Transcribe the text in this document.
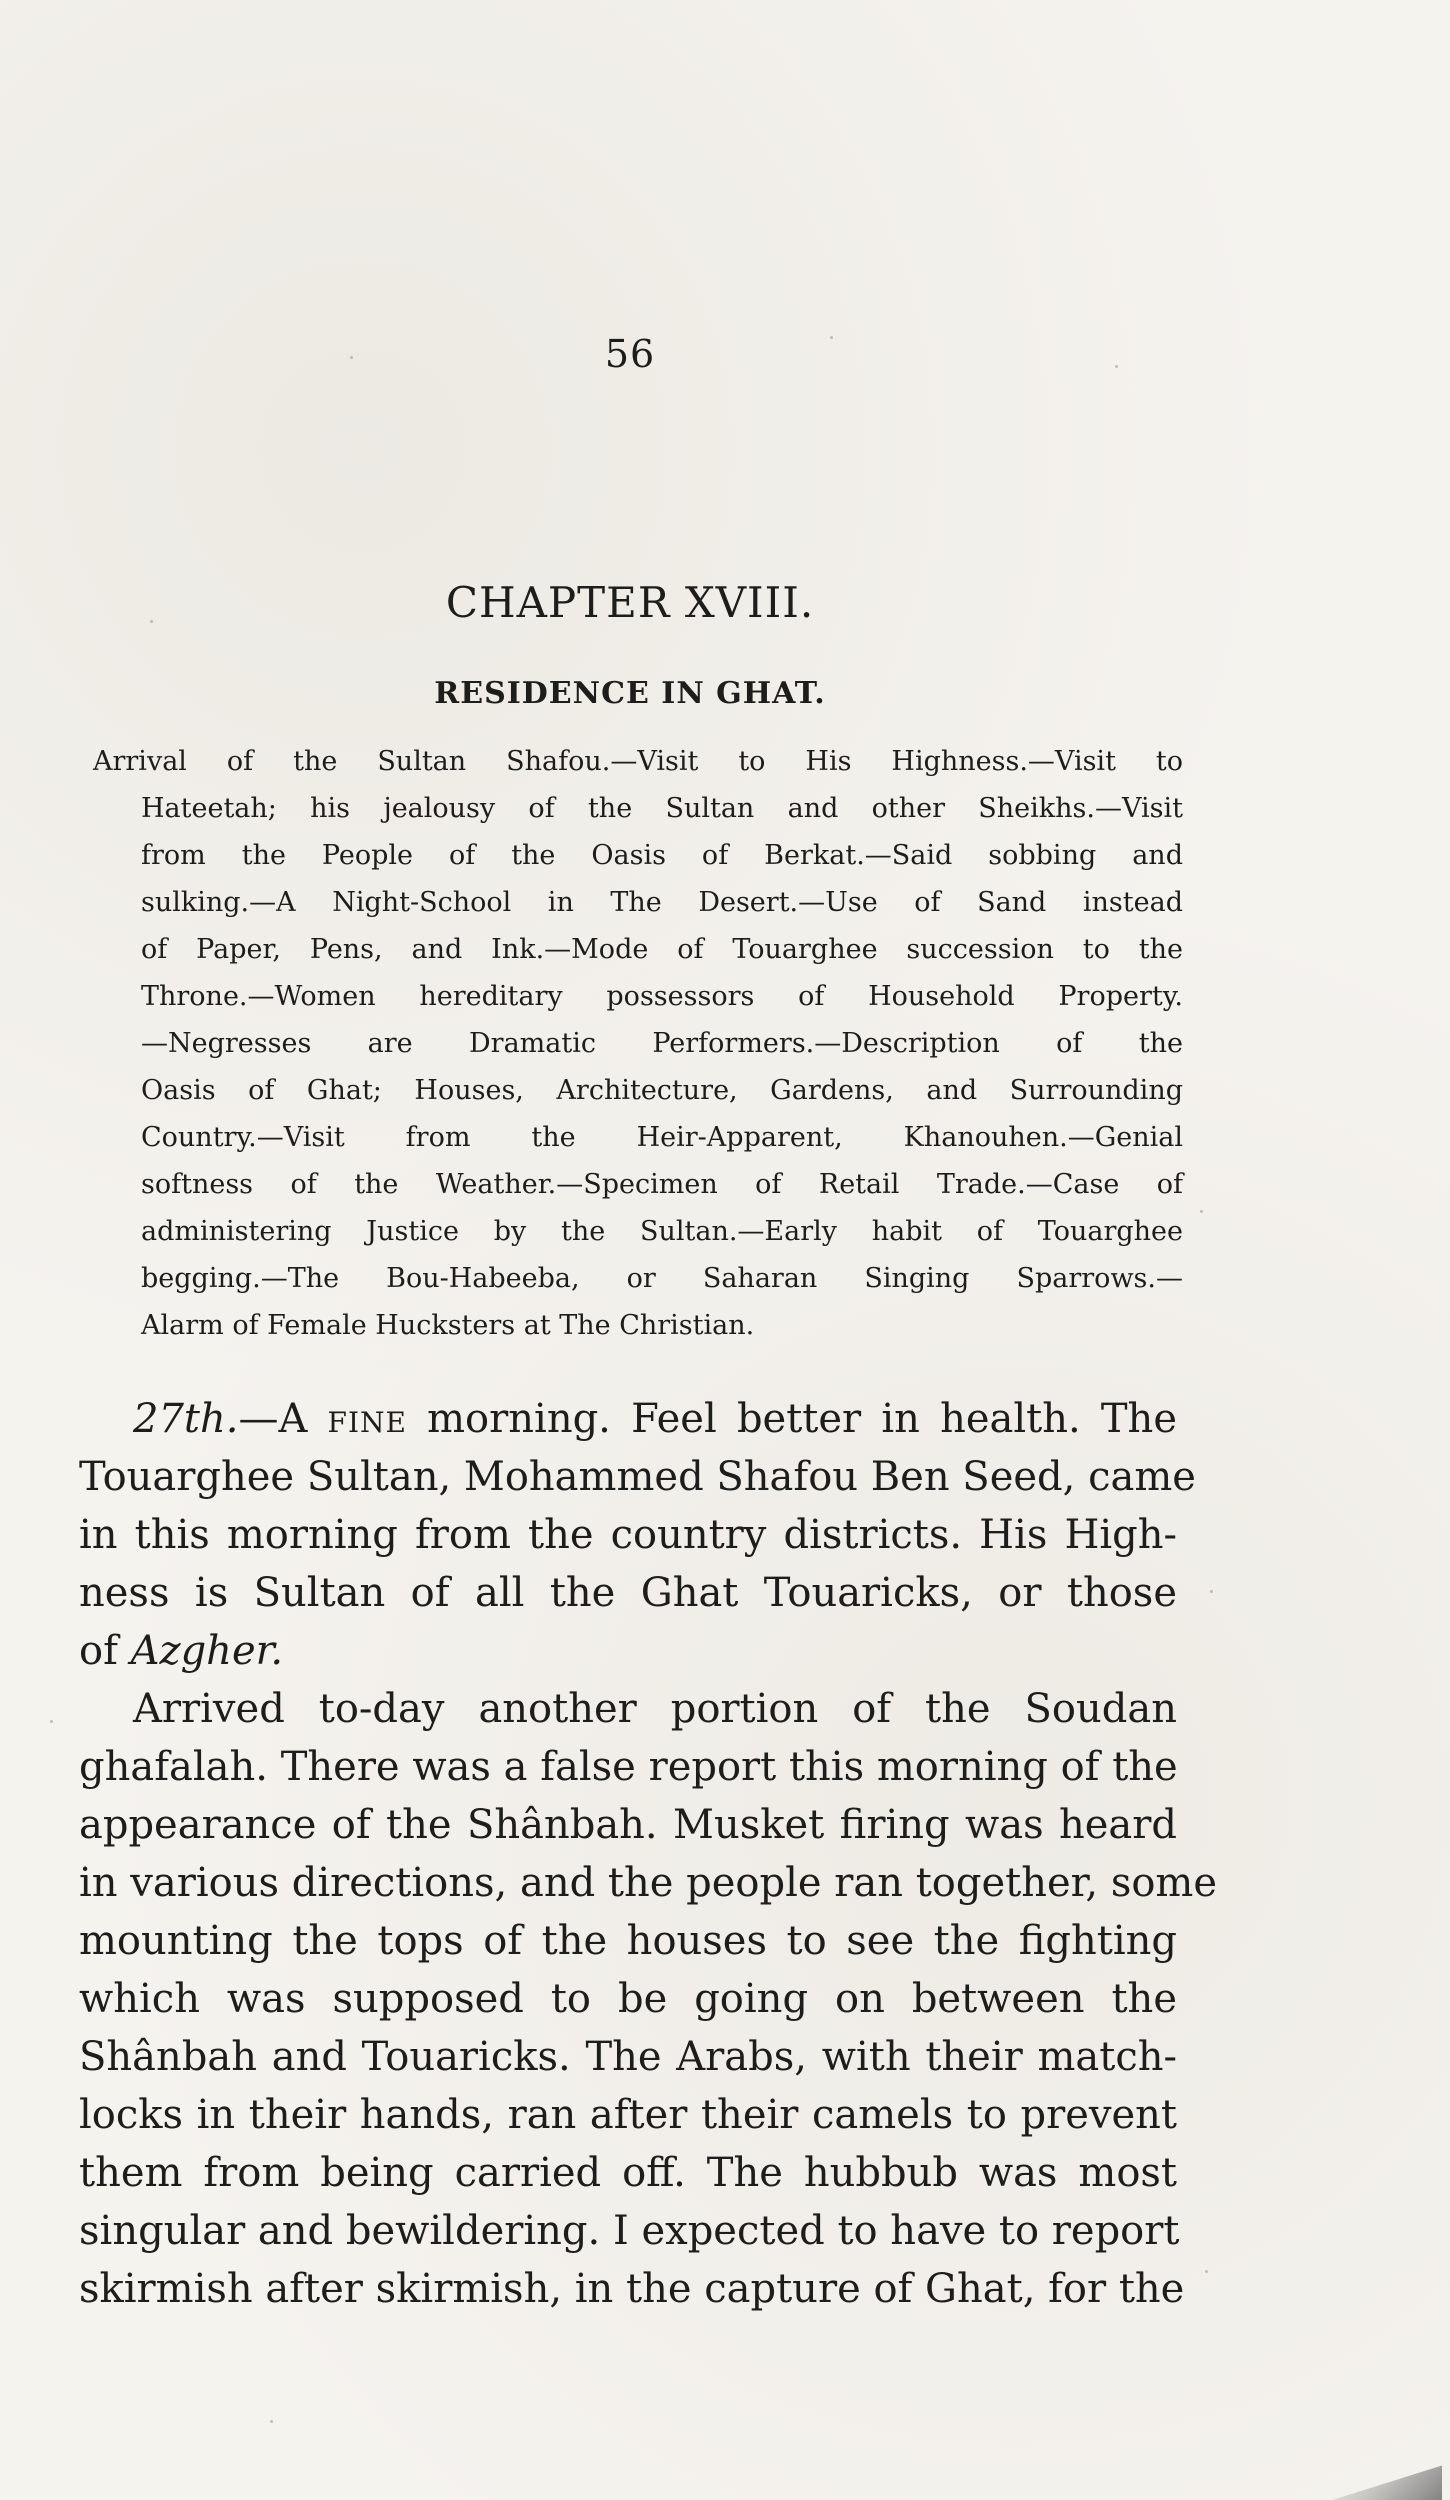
56
CHAPTER XVIII.
RESIDENCE IN GHAT.
Arrival of the Sultan Shafou.—Visit to His Highness.—Visit to
Hateetah; his jealousy of the Sultan and other Sheikhs.—Visit
from the People of the Oasis of Berkat.—Said sobbing and
sulking.—A Night-School in The Desert.—Use of Sand instead
of Paper, Pens, and Ink.—Mode of Touarghee succession to the
Throne.—Women hereditary possessors of Household Property.
—Negresses are Dramatic Performers.—Description of the
Oasis of Ghat; Houses, Architecture, Gardens, and Surrounding
Country.—Visit from the Heir-Apparent, Khanouhen.—Genial
softness of the Weather.—Specimen of Retail Trade.—Case of
administering Justice by the Sultan.—Early habit of Touarghee
begging.—The Bou-Habeeba, or Saharan Singing Sparrows.—
Alarm of Female Hucksters at The Christian.
27th.—A fine morning. Feel better in health. The
Touarghee Sultan, Mohammed Shafou Ben Seed, came
in this morning from the country districts. His High-
ness is Sultan of all the Ghat Touaricks, or those
of Azgher.
Arrived to-day another portion of the Soudan
ghafalah. There was a false report this morning of the
appearance of the Shânbah. Musket firing was heard
in various directions, and the people ran together, some
mounting the tops of the houses to see the fighting
which was supposed to be going on between the
Shânbah and Touaricks. The Arabs, with their match-
locks in their hands, ran after their camels to prevent
them from being carried off. The hubbub was most
singular and bewildering. I expected to have to report
skirmish after skirmish, in the capture of Ghat, for the
